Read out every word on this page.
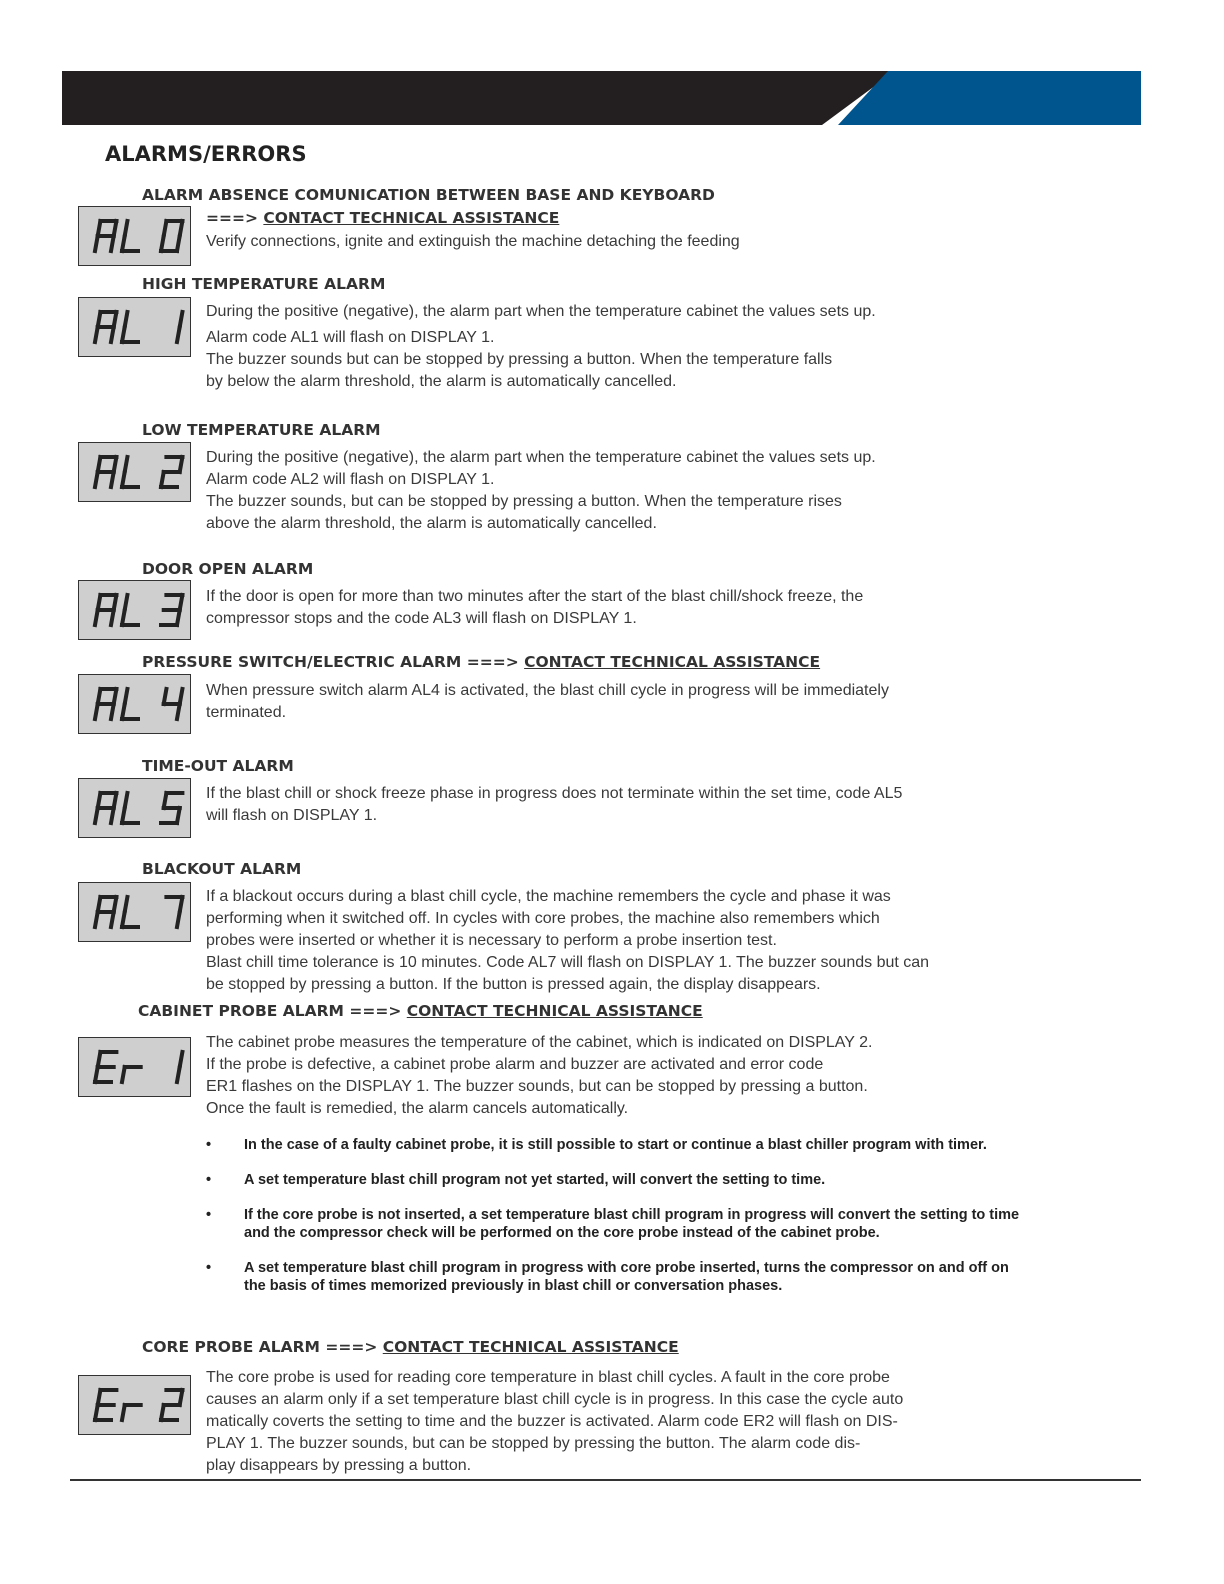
ALARMS/ERRORS
ALARM ABSENCE COMUNICATION BETWEEN BASE AND KEYBOARD

===> CONTACT TECHNICAL ASSISTANCE

Verify connections, ignite and extinguish the machine detaching the feeding

HIGH TEMPERATURE ALARM

During the positive (negative), the alarm part when the temperature cabinet the values sets up.

Alarm code AL1 will flash on DISPLAY 1.

The buzzer sounds but can be stopped by pressing a button. When the temperature falls

by below the alarm threshold, the alarm is automatically cancelled.

LOW TEMPERATURE ALARM

During the positive (negative), the alarm part when the temperature cabinet the values sets up.

Alarm code AL2 will flash on DISPLAY 1.

The buzzer sounds, but can be stopped by pressing a button. When the temperature rises

above the alarm threshold, the alarm is automatically cancelled.

DOOR OPEN ALARM

If the door is open for more than two minutes after the start of the blast chill/shock freeze, the

compressor stops and the code AL3 will flash on DISPLAY 1.

PRESSURE SWITCH/ELECTRIC ALARM ===> CONTACT TECHNICAL ASSISTANCE

When pressure switch alarm AL4 is activated, the blast chill cycle in progress will be immediately

terminated.

TIME-OUT ALARM

If the blast chill or shock freeze phase in progress does not terminate within the set time, code AL5

will flash on DISPLAY 1.

BLACKOUT ALARM

If a blackout occurs during a blast chill cycle, the machine remembers the cycle and phase it was

performing when it switched off. In cycles with core probes, the machine also remembers which

probes were inserted or whether it is necessary to perform a probe insertion test.

Blast chill time tolerance is 10 minutes. Code AL7 will flash on DISPLAY 1. The buzzer sounds but can

be stopped by pressing a button. If the button is pressed again, the display disappears.

CABINET PROBE ALARM ===> CONTACT TECHNICAL ASSISTANCE

The cabinet probe measures the temperature of the cabinet, which is indicated on DISPLAY 2.

If the probe is defective, a cabinet probe alarm and buzzer are activated and error code

ER1 flashes on the DISPLAY 1. The buzzer sounds, but can be stopped by pressing a button.

Once the fault is remedied, the alarm cancels automatically.

• In the case of a faulty cabinet probe, it is still possible to start or continue a blast chiller program with timer.
• A set temperature blast chill program not yet started, will convert the setting to time.
• If the core probe is not inserted, a set temperature blast chill program in progress will convert the setting to time and the compressor check will be performed on the core probe instead of the cabinet probe.
• A set temperature blast chill program in progress with core probe inserted, turns the compressor on and off on the basis of times memorized previously in blast chill or conversation phases.
CORE PROBE ALARM ===> CONTACT TECHNICAL ASSISTANCE

The core probe is used for reading core temperature in blast chill cycles. A fault in the core probe

causes an alarm only if a set temperature blast chill cycle is in progress. In this case the cycle auto

matically coverts the setting to time and the buzzer is activated. Alarm code ER2 will flash on DIS-

PLAY 1. The buzzer sounds, but can be stopped by pressing the button. The alarm code dis-

play disappears by pressing a button.
